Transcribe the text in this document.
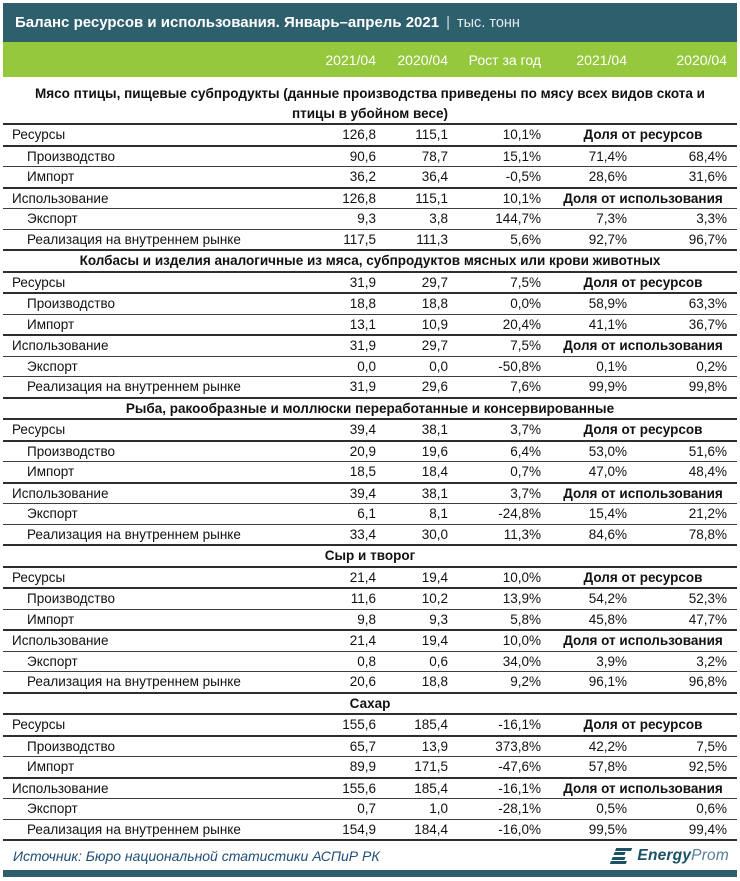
Баланс ресурсов и использования. Январь–апрель 2021 | тыс. тонн
2021/04	2020/04	Рост за год	2021/04	2020/04
Мясо птицы, пищевые субпродукты (данные производства приведены по мясу всех видов скота и птицы в убойном весе)
Ресурсы	126,8	115,1	10,1%	Доля от ресурсов
Производство	90,6	78,7	15,1%	71,4%	68,4%
Импорт	36,2	36,4	-0,5%	28,6%	31,6%
Использование	126,8	115,1	10,1%	Доля от использования
Экспорт	9,3	3,8	144,7%	7,3%	3,3%
Реализация на внутреннем рынке	117,5	111,3	5,6%	92,7%	96,7%
Колбасы и изделия аналогичные из мяса, субпродуктов мясных или крови животных
Ресурсы	31,9	29,7	7,5%	Доля от ресурсов
Производство	18,8	18,8	0,0%	58,9%	63,3%
Импорт	13,1	10,9	20,4%	41,1%	36,7%
Использование	31,9	29,7	7,5%	Доля от использования
Экспорт	0,0	0,0	-50,8%	0,1%	0,2%
Реализация на внутреннем рынке	31,9	29,6	7,6%	99,9%	99,8%
Рыба, ракообразные и моллюски переработанные и консервированные
Ресурсы	39,4	38,1	3,7%	Доля от ресурсов
Производство	20,9	19,6	6,4%	53,0%	51,6%
Импорт	18,5	18,4	0,7%	47,0%	48,4%
Использование	39,4	38,1	3,7%	Доля от использования
Экспорт	6,1	8,1	-24,8%	15,4%	21,2%
Реализация на внутреннем рынке	33,4	30,0	11,3%	84,6%	78,8%
Сыр и творог
Ресурсы	21,4	19,4	10,0%	Доля от ресурсов
Производство	11,6	10,2	13,9%	54,2%	52,3%
Импорт	9,8	9,3	5,8%	45,8%	47,7%
Использование	21,4	19,4	10,0%	Доля от использования
Экспорт	0,8	0,6	34,0%	3,9%	3,2%
Реализация на внутреннем рынке	20,6	18,8	9,2%	96,1%	96,8%
Сахар
Ресурсы	155,6	185,4	-16,1%	Доля от ресурсов
Производство	65,7	13,9	373,8%	42,2%	7,5%
Импорт	89,9	171,5	-47,6%	57,8%	92,5%
Использование	155,6	185,4	-16,1%	Доля от использования
Экспорт	0,7	1,0	-28,1%	0,5%	0,6%
Реализация на внутреннем рынке	154,9	184,4	-16,0%	99,5%	99,4%
Источник: Бюро национальной статистики АСПиР РК	EnergyProm
